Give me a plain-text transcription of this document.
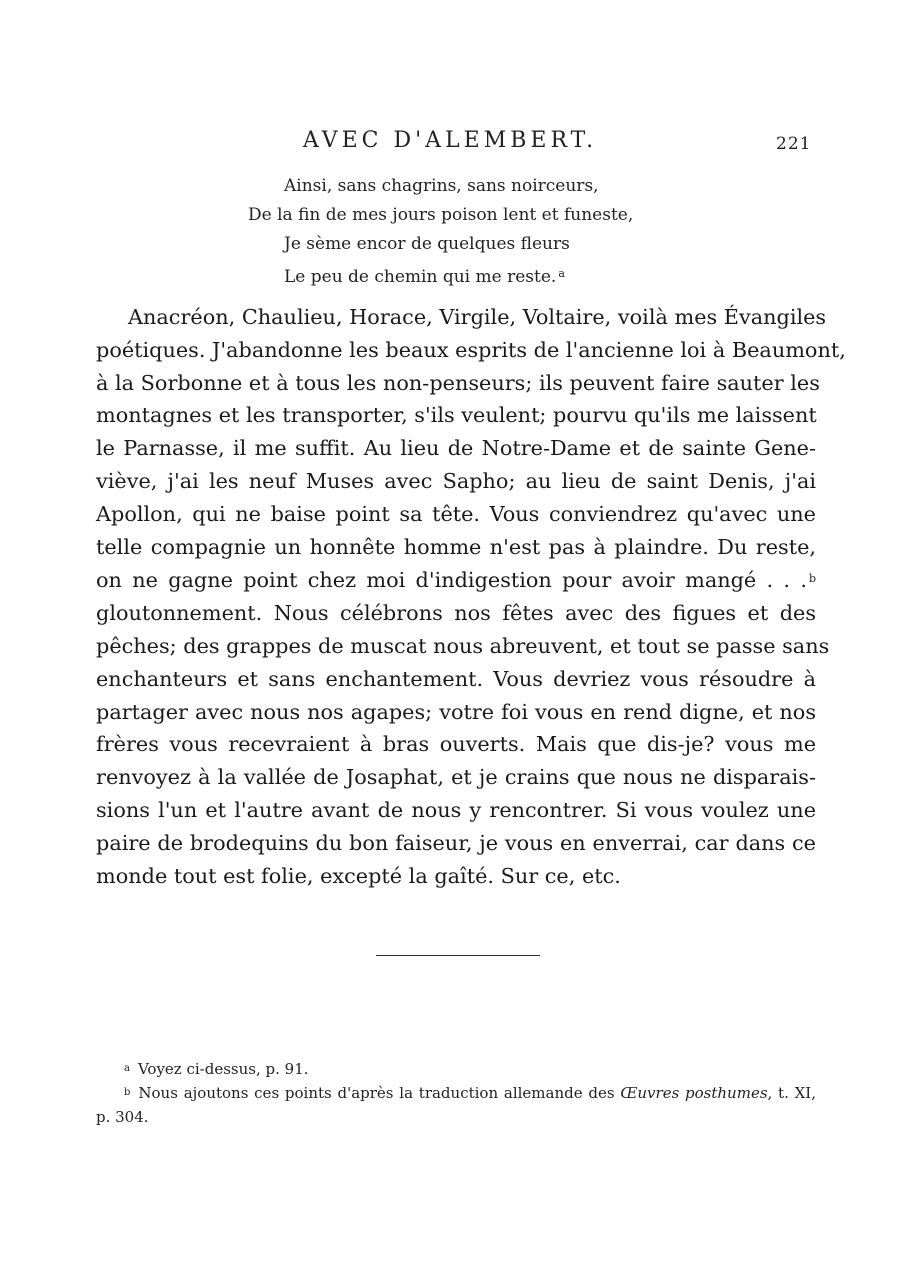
AVEC D'ALEMBERT.	221
Ainsi, sans chagrins, sans noirceurs,
De la fin de mes jours poison lent et funeste,
Je sème encor de quelques fleurs
Le peu de chemin qui me reste. $^a$
Anacréon, Chaulieu, Horace, Virgile, Voltaire, voilà mes Évangiles
poétiques. J'abandonne les beaux esprits de l'ancienne loi à Beaumont,
à la Sorbonne et à tous les non-penseurs; ils peuvent faire sauter les
montagnes et les transporter, s'ils veulent; pourvu qu'ils me laissent
le Parnasse, il me suffit. Au lieu de Notre-Dame et de sainte Gene-
viève, j'ai les neuf Muses avec Sapho; au lieu de saint Denis, j'ai
Apollon, qui ne baise point sa tête. Vous conviendrez qu'avec une
telle compagnie un honnête homme n'est pas à plaindre. Du reste,
on ne gagne point chez moi d'indigestion pour avoir mangé . . . $^b$
gloutonnement. Nous célébrons nos fêtes avec des figues et des
pêches; des grappes de muscat nous abreuvent, et tout se passe sans
enchanteurs et sans enchantement. Vous devriez vous résoudre à
partager avec nous nos agapes; votre foi vous en rend digne, et nos
frères vous recevraient à bras ouverts. Mais que dis-je? vous me
renvoyez à la vallée de Josaphat, et je crains que nous ne disparais-
sions l'un et l'autre avant de nous y rencontrer. Si vous voulez une
paire de brodequins du bon faiseur, je vous en enverrai, car dans ce
monde tout est folie, excepté la gaîté. Sur ce, etc.
$^a$ Voyez ci-dessus, p. 91.
$^b$ Nous ajoutons ces points d'après la traduction allemande des Œuvres posthumes, t. XI,
p. 304.
